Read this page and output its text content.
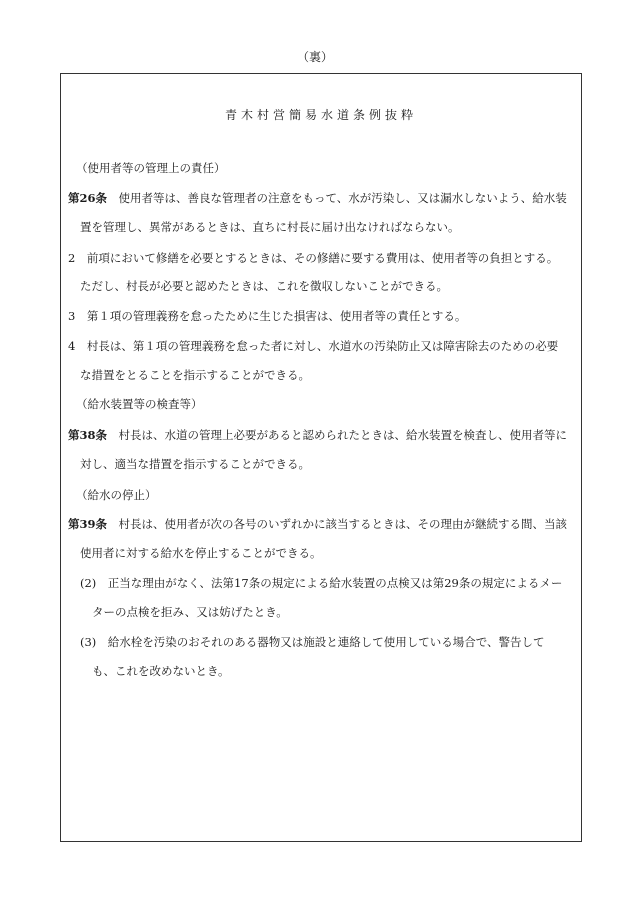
（裏）
青木村営簡易水道条例抜粋
（使用者等の管理上の責任）
第26条　使用者等は、善良な管理者の注意をもって、水が汚染し、又は漏水しないよう、給水装
置を管理し、異常があるときは、直ちに村長に届け出なければならない。
2　前項において修繕を必要とするときは、その修繕に要する費用は、使用者等の負担とする。
ただし、村長が必要と認めたときは、これを徴収しないことができる。
3　第１項の管理義務を怠ったために生じた損害は、使用者等の責任とする。
4　村長は、第１項の管理義務を怠った者に対し、水道水の汚染防止又は障害除去のための必要
な措置をとることを指示することができる。
（給水装置等の検査等）
第38条　村長は、水道の管理上必要があると認められたときは、給水装置を検査し、使用者等に
対し、適当な措置を指示することができる。
（給水の停止）
第39条　村長は、使用者が次の各号のいずれかに該当するときは、その理由が継続する間、当該
使用者に対する給水を停止することができる。
(2)　正当な理由がなく、法第17条の規定による給水装置の点検又は第29条の規定によるメー
ターの点検を拒み、又は妨げたとき。
(3)　給水栓を汚染のおそれのある器物又は施設と連絡して使用している場合で、警告して
も、これを改めないとき。
